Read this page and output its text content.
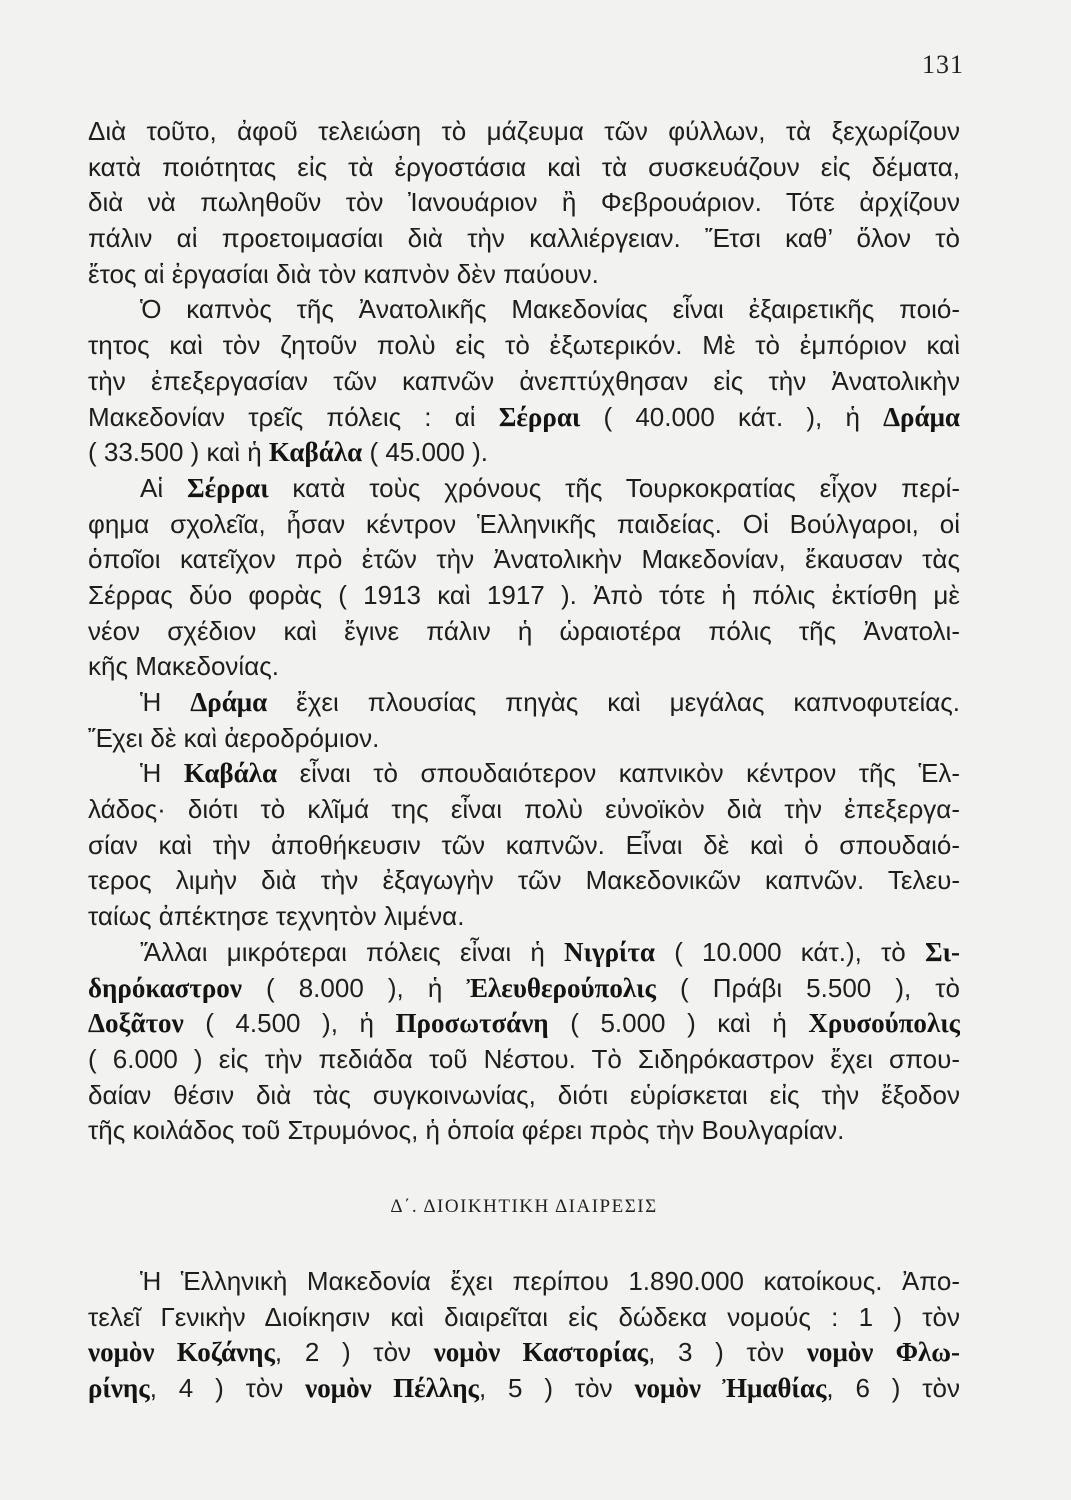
131
Διὰ τοῦτο, ἀφοῦ τελειώση τὸ μάζευμα τῶν φύλλων, τὰ ξεχωρίζουν
κατὰ ποιότητας εἰς τὰ ἐργοστάσια καὶ τὰ συσκευάζουν εἰς δέματα,
διὰ νὰ πωληθοῦν τὸν Ἰανουάριον ἢ Φεβρουάριον. Τότε ἀρχίζουν
πάλιν αἱ προετοιμασίαι διὰ τὴν καλλιέργειαν. Ἔτσι καθ’ ὅλον τὸ
ἔτος αἱ ἐργασίαι διὰ τὸν καπνὸν δὲν παύουν.
Ὁ καπνὸς τῆς Ἀνατολικῆς Μακεδονίας εἶναι ἐξαιρετικῆς ποιό-
τητος καὶ τὸν ζητοῦν πολὺ εἰς τὸ ἐξωτερικόν. Μὲ τὸ ἐμπόριον καὶ
τὴν ἐπεξεργασίαν τῶν καπνῶν ἀνεπτύχθησαν εἰς τὴν Ἀνατολικὴν
Μακεδονίαν τρεῖς πόλεις : αἱ Σέρραι ( 40.000 κάτ. ), ἡ Δράμα
( 33.500 ) καὶ ἡ Καβάλα ( 45.000 ).
Αἱ Σέρραι κατὰ τοὺς χρόνους τῆς Τουρκοκρατίας εἶχον περί-
φημα σχολεῖα, ἦσαν κέντρον Ἑλληνικῆς παιδείας. Οἱ Βούλγαροι, οἱ
ὁποῖοι κατεῖχον πρὸ ἐτῶν τὴν Ἀνατολικὴν Μακεδονίαν, ἔκαυσαν τὰς
Σέρρας δύο φορὰς ( 1913 καὶ 1917 ). Ἀπὸ τότε ἡ πόλις ἐκτίσθη μὲ
νέον σχέδιον καὶ ἔγινε πάλιν ἡ ὡραιοτέρα πόλις τῆς Ἀνατολι-
κῆς Μακεδονίας.
Ἡ Δράμα ἔχει πλουσίας πηγὰς καὶ μεγάλας καπνοφυτείας.
Ἔχει δὲ καὶ ἀεροδρόμιον.
Ἡ Καβάλα εἶναι τὸ σπουδαιότερον καπνικὸν κέντρον τῆς Ἑλ-
λάδος· διότι τὸ κλῖμά της εἶναι πολὺ εὐνοϊκὸν διὰ τὴν ἐπεξεργα-
σίαν καὶ τὴν ἀποθήκευσιν τῶν καπνῶν. Εἶναι δὲ καὶ ὁ σπουδαιό-
τερος λιμὴν διὰ τὴν ἐξαγωγὴν τῶν Μακεδονικῶν καπνῶν. Τελευ-
ταίως ἀπέκτησε τεχνητὸν λιμένα.
Ἄλλαι μικρότεραι πόλεις εἶναι ἡ Νιγρίτα ( 10.000 κάτ.), τὸ Σι-
δηρόκαστρον ( 8.000 ), ἡ Ἐλευθερούπολις ( Πράβι 5.500 ), τὸ
Δοξᾶτον ( 4.500 ), ἡ Προσωτσάνη ( 5.000 ) καὶ ἡ Χρυσούπολις
( 6.000 ) εἰς τὴν πεδιάδα τοῦ Νέστου. Τὸ Σιδηρόκαστρον ἔχει σπου-
δαίαν θέσιν διὰ τὰς συγκοινωνίας, διότι εὑρίσκεται εἰς τὴν ἔξοδον
τῆς κοιλάδος τοῦ Στρυμόνος, ἡ ὁποία φέρει πρὸς τὴν Βουλγαρίαν.
Δ΄. ΔΙΟΙΚΗΤΙΚΗ ΔΙΑΙΡΕΣΙΣ
Ἡ Ἑλληνικὴ Μακεδονία ἔχει περίπου 1.890.000 κατοίκους. Ἀπο-
τελεῖ Γενικὴν Διοίκησιν καὶ διαιρεῖται εἰς δώδεκα νομούς : 1 ) τὸν
νομὸν Κοζάνης, 2 ) τὸν νομὸν Καστορίας, 3 ) τὸν νομὸν Φλω-
ρίνης, 4 ) τὸν νομὸν Πέλλης, 5 ) τὸν νομὸν Ἠμαθίας, 6 ) τὸν
